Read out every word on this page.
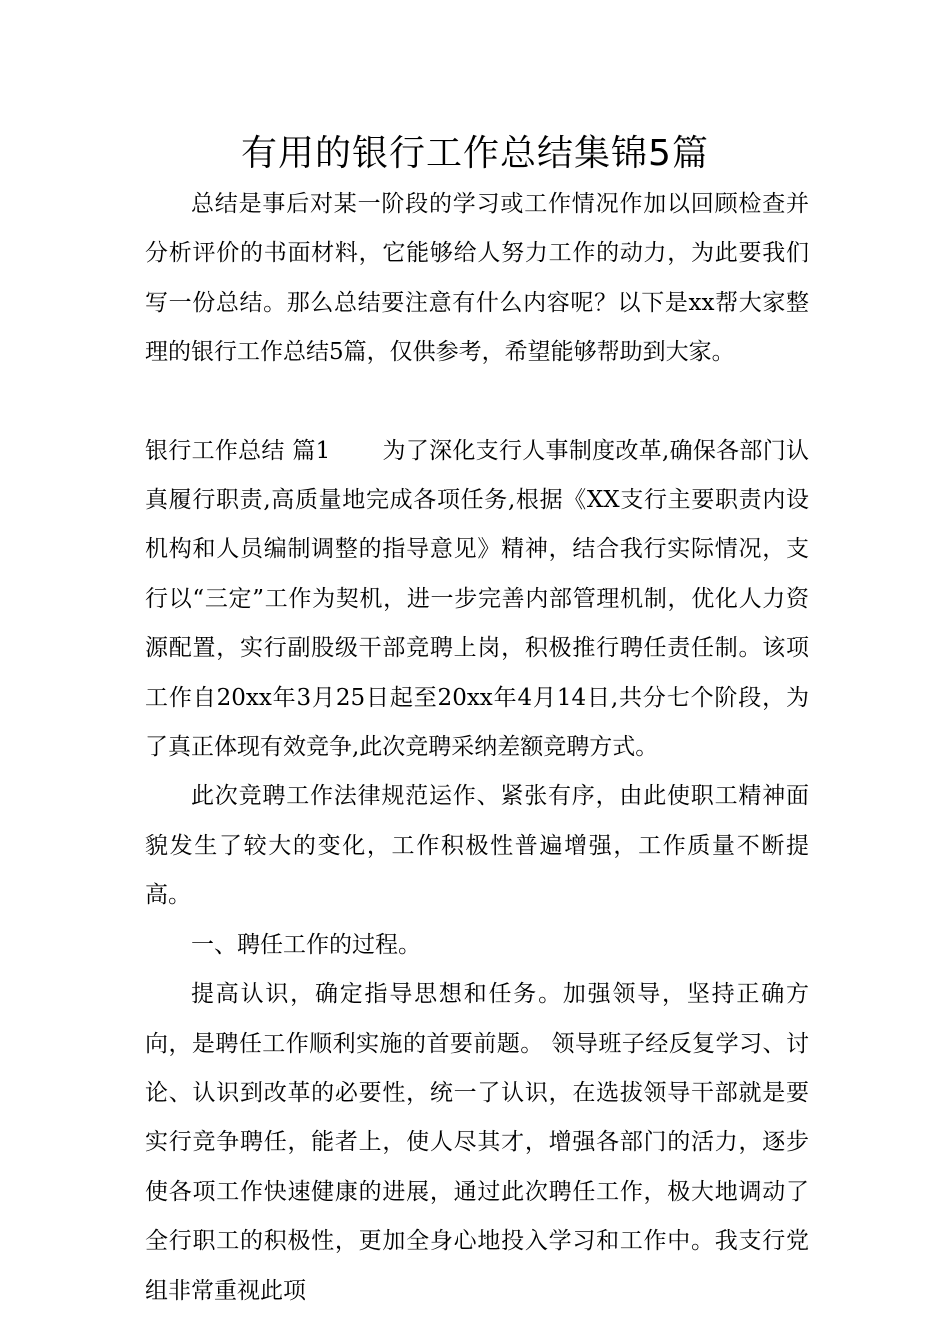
有用的银行工作总结集锦5篇

总结是事后对某一阶段的学习或工作情况作加以回顾检查并分析评价的书面材料，它能够给人努力工作的动力，为此要我们写一份总结。那么总结要注意有什么内容呢？以下是xx帮大家整理的银行工作总结5篇，仅供参考，希望能够帮助到大家。

银行工作总结 篇1 为了深化支行人事制度改革,确保各部门认真履行职责,高质量地完成各项任务,根据《XX支行主要职责内设机构和人员编制调整的指导意见》精神，结合我行实际情况，支行以“三定”工作为契机，进一步完善内部管理机制，优化人力资源配置，实行副股级干部竞聘上岗，积极推行聘任责任制。该项工作自20xx年3月25日起至20xx年4月14日,共分七个阶段，为了真正体现有效竞争,此次竞聘采纳差额竞聘方式。

此次竞聘工作法律规范运作、紧张有序，由此使职工精神面貌发生了较大的变化，工作积极性普遍增强，工作质量不断提高。

一、聘任工作的过程。

提高认识，确定指导思想和任务。加强领导，坚持正确方向，是聘任工作顺利实施的首要前题。 领导班子经反复学习、讨论、认识到改革的必要性，统一了认识，在选拔领导干部就是要实行竞争聘任，能者上，使人尽其才，增强各部门的活力，逐步使各项工作快速健康的进展，通过此次聘任工作，极大地调动了全行职工的积极性，更加全身心地投入学习和工作中。我支行党组非常重视此项
